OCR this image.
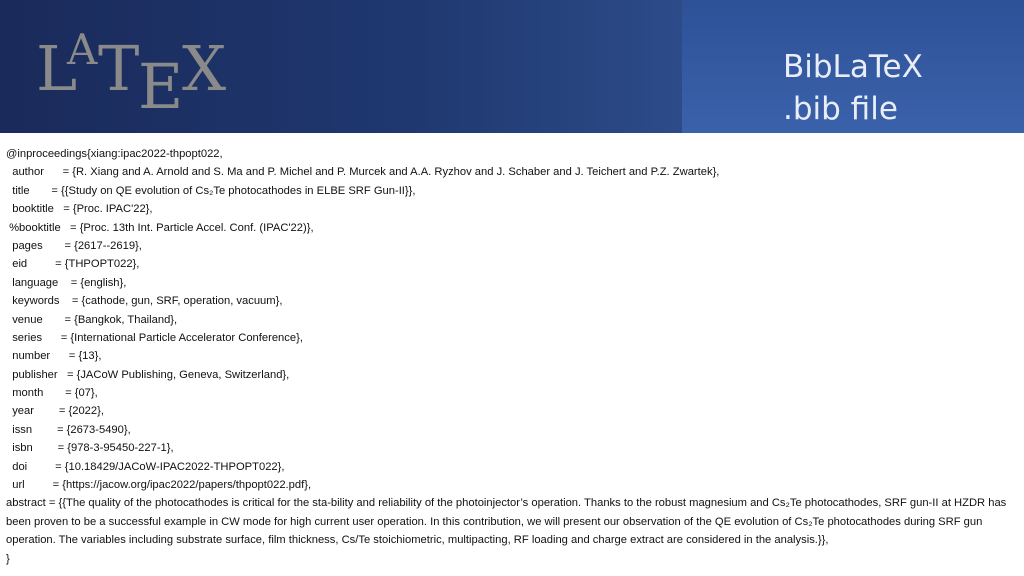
L
A T
E
X	BibLaTeX
.bib file
@inproceedings{xiang:ipac2022-thpopt022,
author      = {R. Xiang and A. Arnold and S. Ma and P. Michel and P. Murcek and A.A. Ryzhov and J. Schaber and J. Teichert and P.Z. Zwartek},
title       = {{Study on QE evolution of Cs₂Te photocathodes in ELBE SRF Gun-II}},
booktitle   = {Proc. IPAC'22},
%booktitle   = {Proc. 13th Int. Particle Accel. Conf. (IPAC'22)},
pages       = {2617--2619},
eid         = {THPOPT022},
language    = {english},
keywords    = {cathode, gun, SRF, operation, vacuum},
venue       = {Bangkok, Thailand},
series      = {International Particle Accelerator Conference},
number      = {13},
publisher   = {JACoW Publishing, Geneva, Switzerland},
month       = {07},
year        = {2022},
issn        = {2673-5490},
isbn        = {978-3-95450-227-1},
doi         = {10.18429/JACoW-IPAC2022-THPOPT022},
url         = {https://jacow.org/ipac2022/papers/thpopt022.pdf},
abstract = {{The quality of the photocathodes is critical for the sta-bility and reliability of the photoinjector’s operation. Thanks to the robust magnesium and Cs₂Te photocathodes, SRF gun-II at HZDR has been proven to be a successful example in CW mode for high current user operation. In this contribution, we will present our observation of the QE evolution of Cs₂Te photocathodes during SRF gun operation. The variables including substrate surface, film thickness, Cs/Te stoichiometric, multipacting, RF loading and charge extract are considered in the analysis.}},
}
